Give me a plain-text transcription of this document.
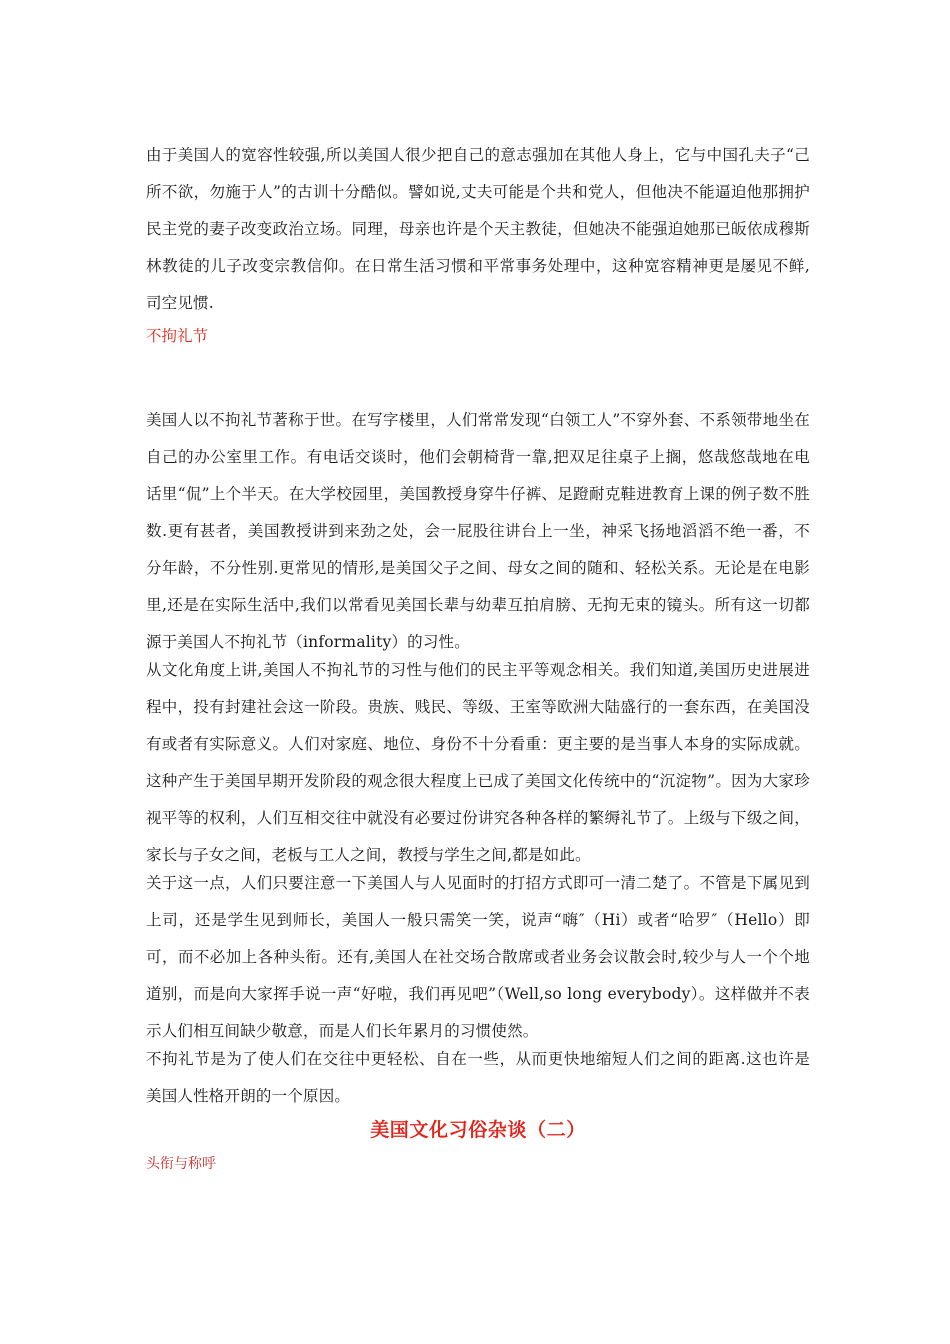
由于美国人的宽容性较强,所以美国人很少把自己的意志强加在其他人身上，它与中国孔夫子“己所不欲，勿施于人”的古训十分酷似。譬如说,丈夫可能是个共和党人，但他决不能逼迫他那拥护民主党的妻子改变政治立场。同理，母亲也许是个天主教徒，但她决不能强迫她那已皈依成穆斯林教徒的儿子改变宗教信仰。在日常生活习惯和平常事务处理中，这种宽容精神更是屡见不鲜,司空见惯.

不拘礼节

美国人以不拘礼节著称于世。在写字楼里，人们常常发现“白领工人”不穿外套、不系领带地坐在自己的办公室里工作。有电话交谈时，他们会朝椅背一靠,把双足往桌子上搁，悠哉悠哉地在电话里“侃”上个半天。在大学校园里，美国教授身穿牛仔裤、足蹬耐克鞋进教育上课的例子数不胜数.更有甚者，美国教授讲到来劲之处，会一屁股往讲台上一坐，神采飞扬地滔滔不绝一番，不分年龄，不分性别.更常见的情形,是美国父子之间、母女之间的随和、轻松关系。无论是在电影里,还是在实际生活中,我们以常看见美国长辈与幼辈互拍肩膀、无拘无束的镜头。所有这一切都源于美国人不拘礼节（informality）的习性。

从文化角度上讲,美国人不拘礼节的习性与他们的民主平等观念相关。我们知道,美国历史进展进程中，投有封建社会这一阶段。贵族、贱民、等级、王室等欧洲大陆盛行的一套东西，在美国没有或者有实际意义。人们对家庭、地位、身份不十分看重：更主要的是当事人本身的实际成就。这种产生于美国早期开发阶段的观念很大程度上已成了美国文化传统中的“沉淀物”。因为大家珍视平等的权利，人们互相交往中就没有必要过份讲究各种各样的繁缛礼节了。上级与下级之间，家长与子女之间，老板与工人之间，教授与学生之间,都是如此。

关于这一点，人们只要注意一下美国人与人见面时的打招方式即可一清二楚了。不管是下属见到上司，还是学生见到师长，美国人一般只需笑一笑，说声“嗨″（Hi）或者“哈罗″（Hello）即可，而不必加上各种头衔。还有,美国人在社交场合散席或者业务会议散会时,较少与人一个个地道别，而是向大家挥手说一声“好啦，我们再见吧”（Well,so long everybody）。这样做并不表示人们相互间缺少敬意，而是人们长年累月的习惯使然。

不拘礼节是为了使人们在交往中更轻松、自在一些，从而更快地缩短人们之间的距离.这也许是美国人性格开朗的一个原因。

美国文化习俗杂谈（二）

头衔与称呼
